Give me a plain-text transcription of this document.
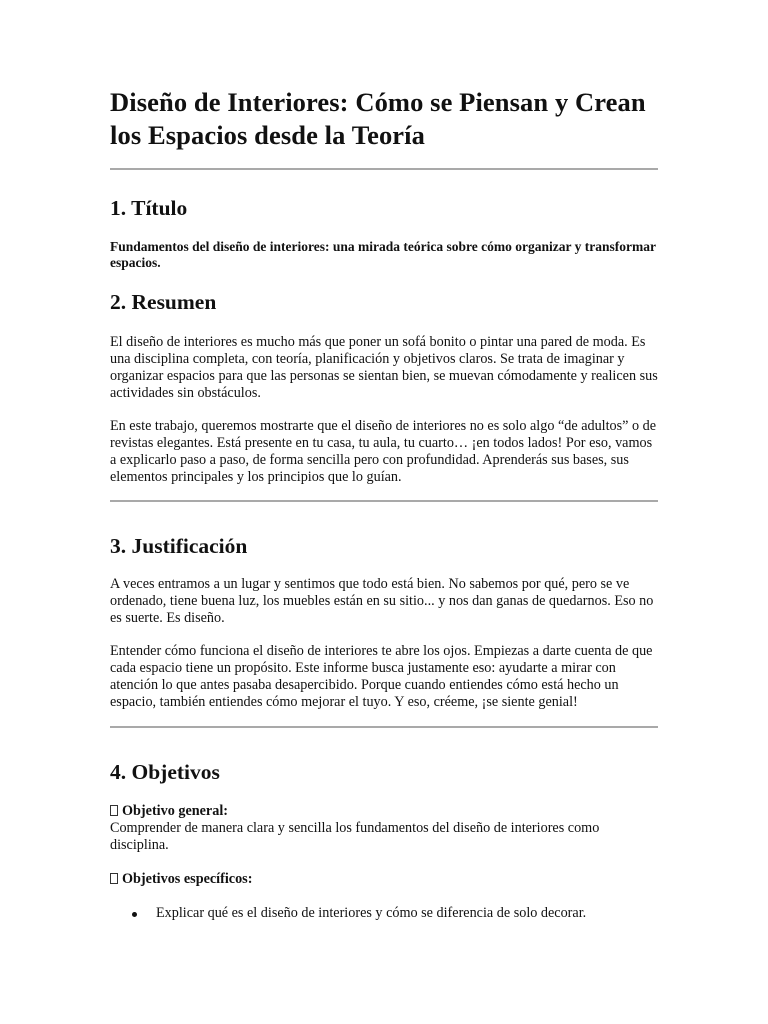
Diseño de Interiores: Cómo se Piensan y Crean los Espacios desde la Teoría
1. Título

Fundamentos del diseño de interiores: una mirada teórica sobre cómo organizar y transformar espacios.

2. Resumen

El diseño de interiores es mucho más que poner un sofá bonito o pintar una pared de moda. Es una disciplina completa, con teoría, planificación y objetivos claros. Se trata de imaginar y organizar espacios para que las personas se sientan bien, se muevan cómodamente y realicen sus actividades sin obstáculos.

En este trabajo, queremos mostrarte que el diseño de interiores no es solo algo “de adultos” o de revistas elegantes. Está presente en tu casa, tu aula, tu cuarto… ¡en todos lados! Por eso, vamos a explicarlo paso a paso, de forma sencilla pero con profundidad. Aprenderás sus bases, sus elementos principales y los principios que lo guían.

3. Justificación

A veces entramos a un lugar y sentimos que todo está bien. No sabemos por qué, pero se ve ordenado, tiene buena luz, los muebles están en su sitio... y nos dan ganas de quedarnos. Eso no es suerte. Es diseño.

Entender cómo funciona el diseño de interiores te abre los ojos. Empiezas a darte cuenta de que cada espacio tiene un propósito. Este informe busca justamente eso: ayudarte a mirar con atención lo que antes pasaba desapercibido. Porque cuando entiendes cómo está hecho un espacio, también entiendes cómo mejorar el tuyo. Y eso, créeme, ¡se siente genial!

4. Objetivos

Objetivo general:

Comprender de manera clara y sencilla los fundamentos del diseño de interiores como disciplina.

Objetivos específicos:

Explicar qué es el diseño de interiores y cómo se diferencia de solo decorar.
